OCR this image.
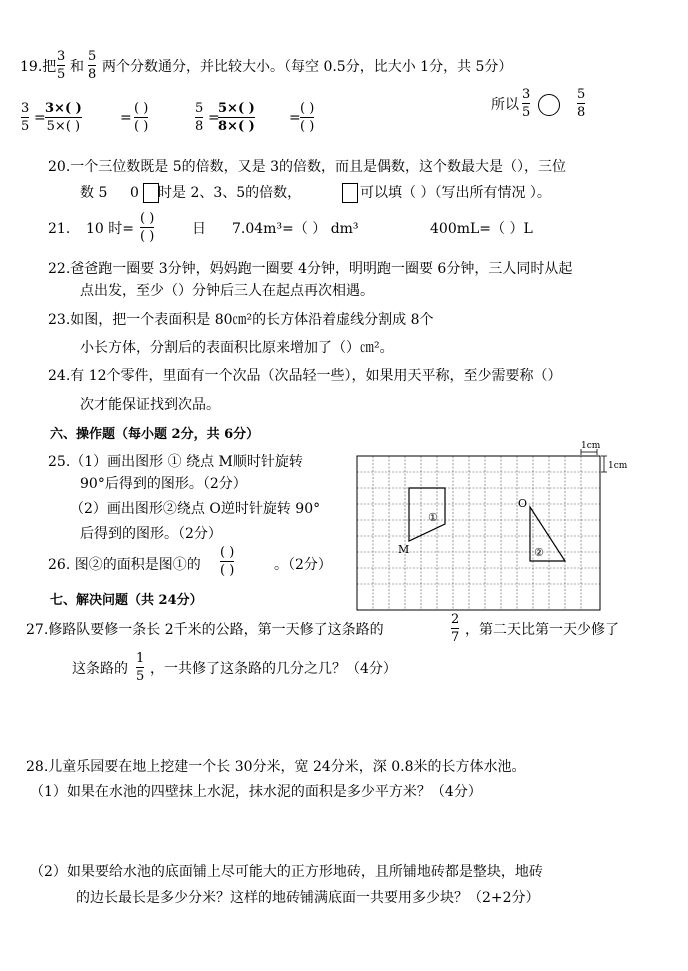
19.把
3
5 和
5
8 两个分数通分，并比较大小。（每空 0.5分，比大小 1分，共 5分）
3
5
=
3×( )
5×( )
=
( )
( )
5
8
=
5×( )
8×( )
=
( )
( )
所以
3
5
5
8
20.一个三位数既是 5的倍数，又是 3的倍数，而且是偶数，这个数最大是（），三位
数 5 0 时是 2、3、5的倍数，	可以填（ ）（写出所有情况 ）。
21. 10 时=
( )
( )	日 7.04m³=（ ） dm³	400mL=（ ）L
22.爸爸跑一圈要 3分钟，妈妈跑一圈要 4分钟，明明跑一圈要 6分钟，三人同时从起
点出发，至少（）分钟后三人在起点再次相遇。
23.如图，把一个表面积是 80㎝²的长方体沿着虚线分割成 8个
小长方体，分割后的表面积比原来增加了（）㎝²。
24.有 12个零件，里面有一个次品（次品轻一些），如果用天平称，至少需要称（）
次才能保证找到次品。
六、操作题（每小题 2分，共 6分）
25.（1）画出图形 ① 绕点 M顺时针旋转
90°后得到的图形。（2分）
（2）画出图形②绕点 O逆时针旋转 90°
后得到的图形。（2分）
26. 图②的面积是图①的
( )
( )	。（2分）
M
O
①
②
1cm
1cm
七、解决问题（共 24分）
27.修路队要修一条长 2千米的公路，第一天修了这条路的
2
7 ，第二天比第一天少修了
这条路的
1
5 ，一共修了这条路的几分之几？（4分）
28.儿童乐园要在地上挖建一个长 30分米，宽 24分米，深 0.8米的长方体水池。
（1）如果在水池的四壁抹上水泥，抹水泥的面积是多少平方米？（4分）
（2）如果要给水池的底面铺上尽可能大的正方形地砖，且所铺地砖都是整块，地砖
的边长最长是多少分米？这样的地砖铺满底面一共要用多少块？（2+2分）
